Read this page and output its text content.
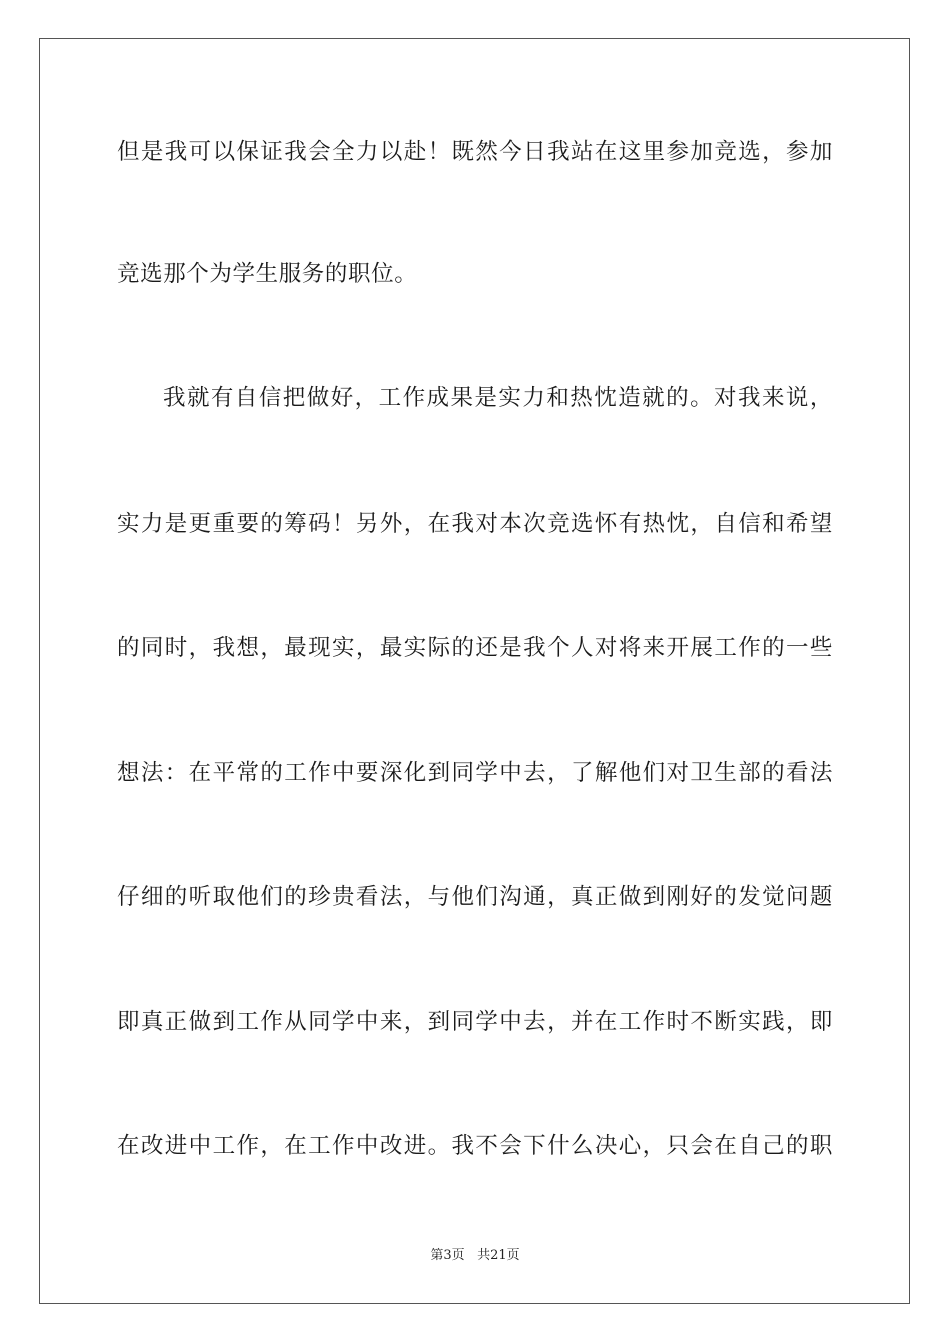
但是我可以保证我会全力以赴！既然今日我站在这里参加竞选，参加
竞选那个为学生服务的职位。
我就有自信把做好，工作成果是实力和热忱造就的。对我来说，
实力是更重要的筹码！另外，在我对本次竞选怀有热忱，自信和希望
的同时，我想，最现实，最实际的还是我个人对将来开展工作的一些
想法：在平常的工作中要深化到同学中去，了解他们对卫生部的看法
仔细的听取他们的珍贵看法，与他们沟通，真正做到刚好的发觉问题
即真正做到工作从同学中来，到同学中去，并在工作时不断实践，即
在改进中工作，在工作中改进。我不会下什么决心，只会在自己的职
第3页 共21页
